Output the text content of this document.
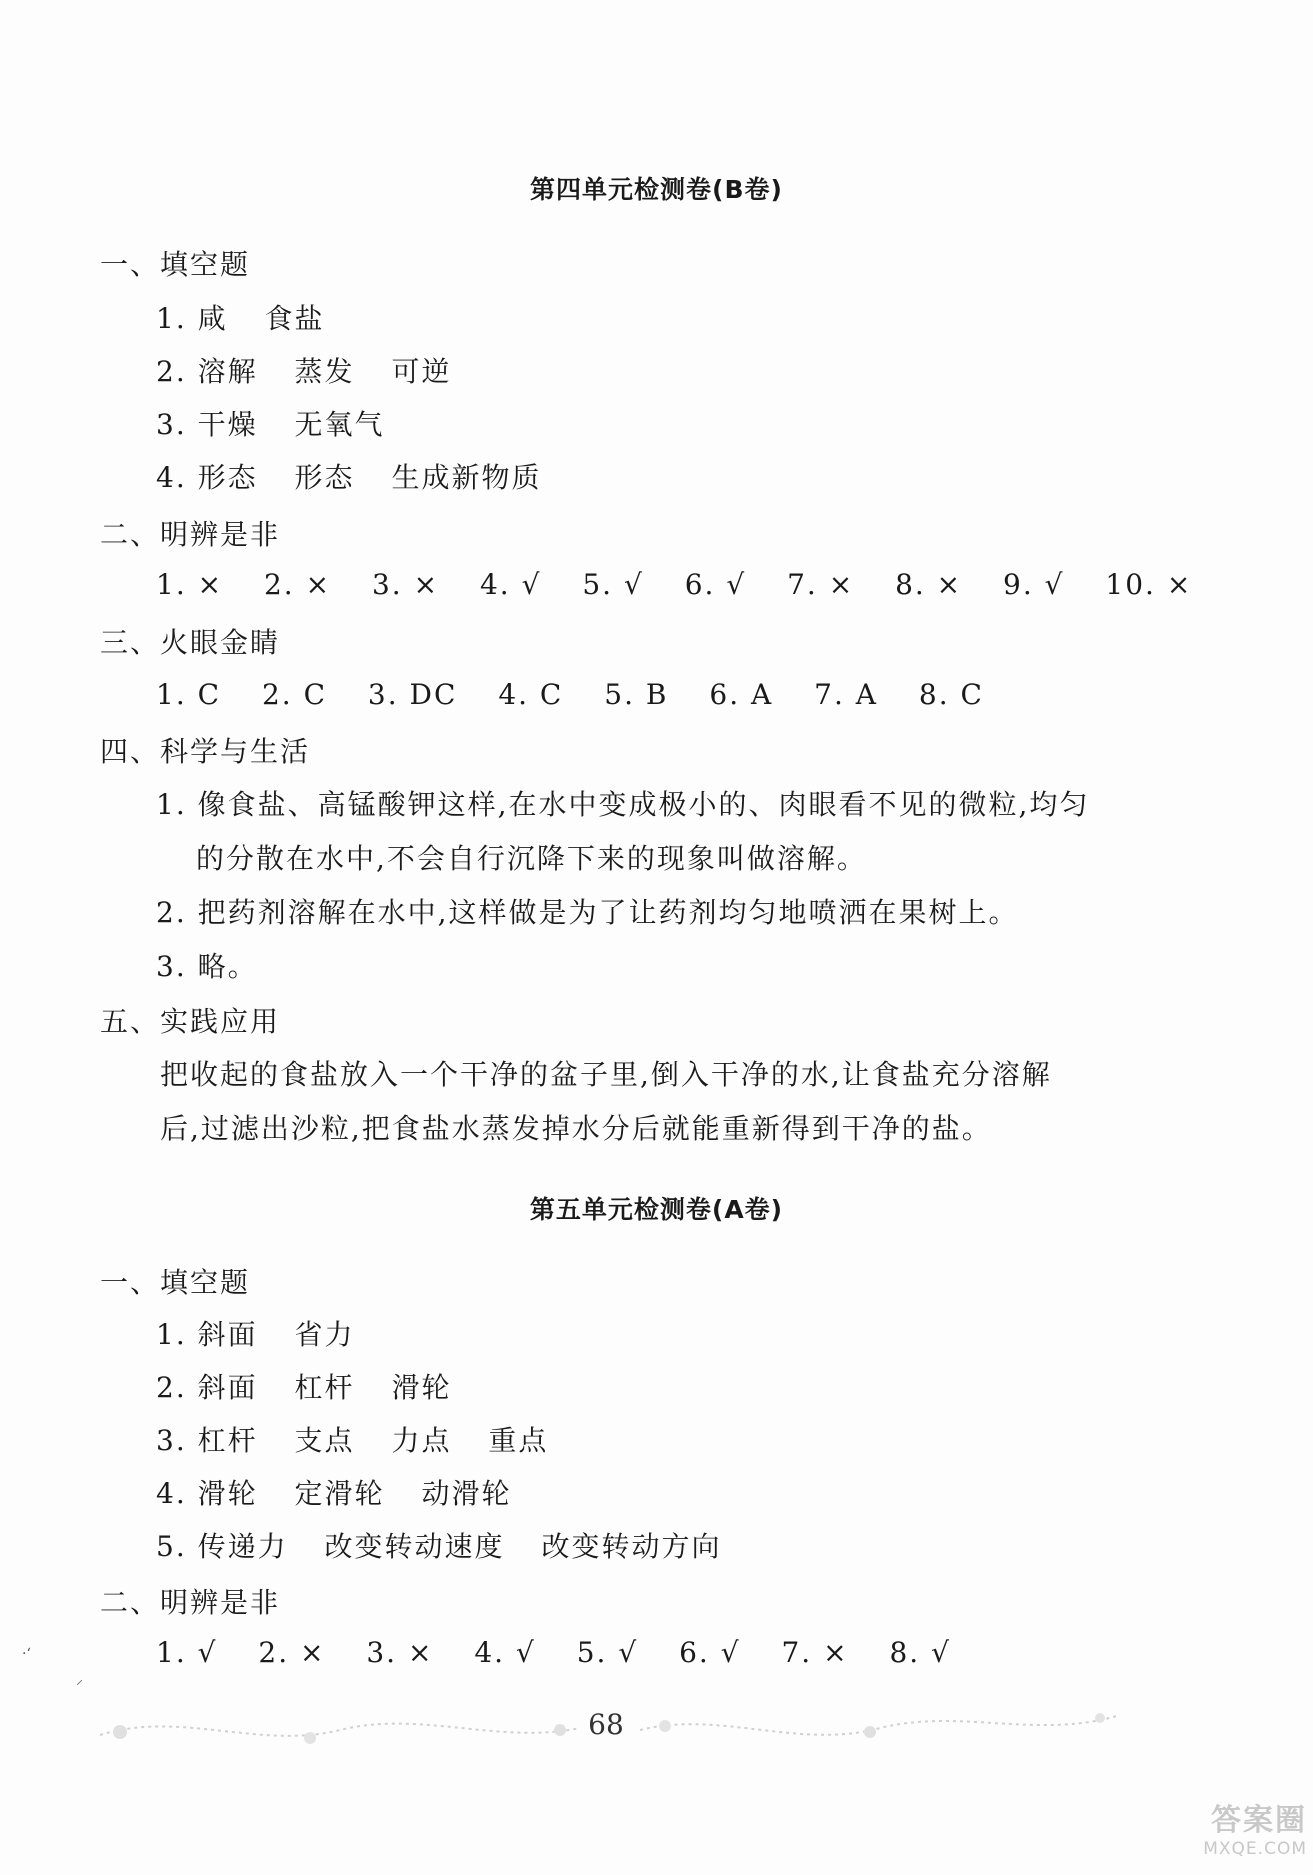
第四单元检测卷(B卷)
一、填空题
1. 咸 食盐
2. 溶解 蒸发 可逆
3. 干燥 无氧气
4. 形态 形态 生成新物质
二、明辨是非
1. × 2. × 3. × 4. √ 5. √ 6. √ 7. × 8. × 9. √ 10. ×
三、火眼金睛
1. C 2. C 3. DC 4. C 5. B 6. A 7. A 8. C
四、科学与生活
1. 像食盐、高锰酸钾这样,在水中变成极小的、肉眼看不见的微粒,均匀
的分散在水中,不会自行沉降下来的现象叫做溶解。
2. 把药剂溶解在水中,这样做是为了让药剂均匀地喷洒在果树上。
3. 略。
五、实践应用
把收起的食盐放入一个干净的盆子里,倒入干净的水,让食盐充分溶解
后,过滤出沙粒,把食盐水蒸发掉水分后就能重新得到干净的盐。
第五单元检测卷(A卷)
一、填空题
1. 斜面 省力
2. 斜面 杠杆 滑轮
3. 杠杆 支点 力点 重点
4. 滑轮 定滑轮 动滑轮
5. 传递力 改变转动速度 改变转动方向
二、明辨是非
1. √ 2. × 3. × 4. √ 5. √ 6. √ 7. × 8. √
·‘
⸝
68
答案圈
MXQE.COM
